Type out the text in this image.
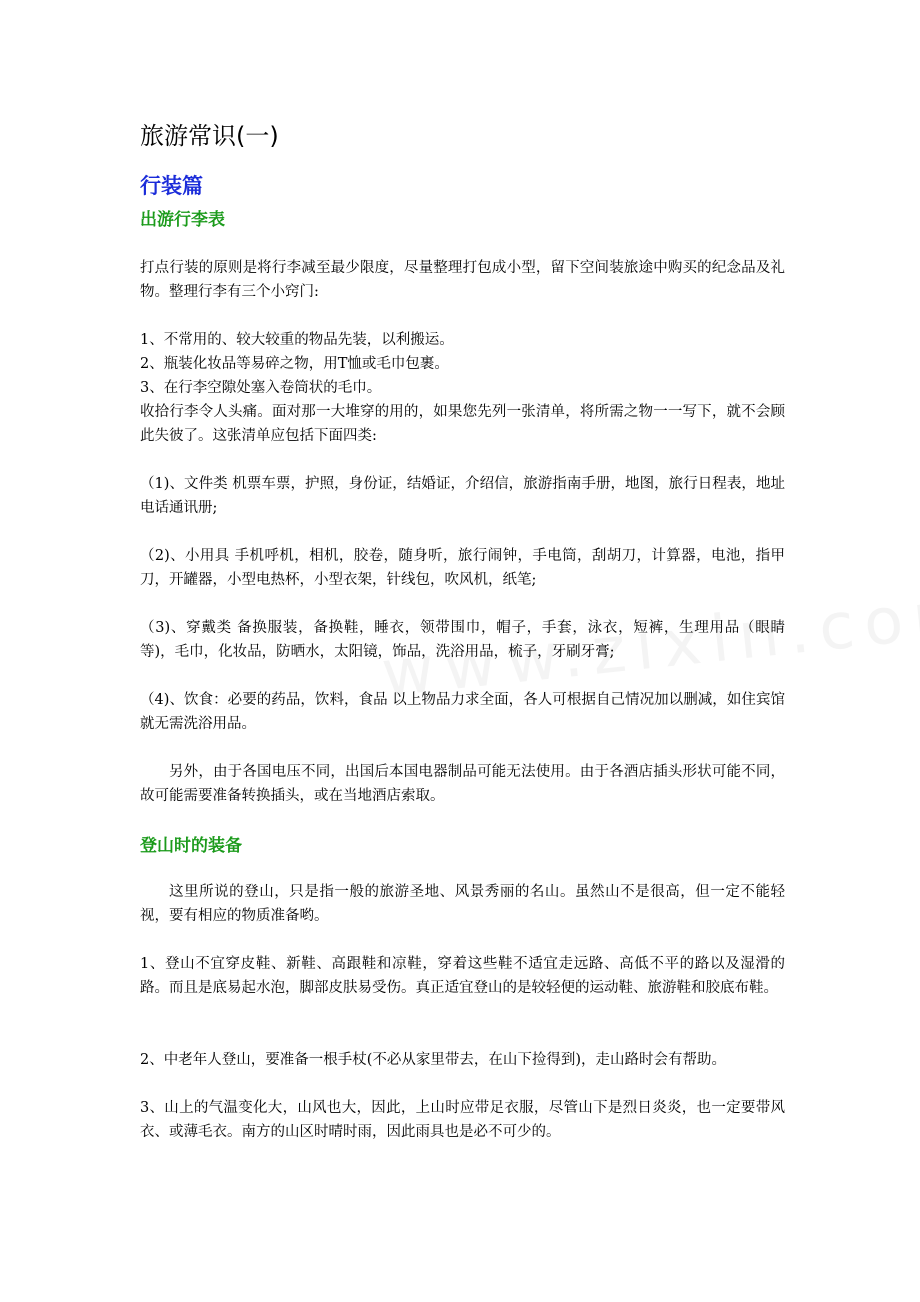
旅游常识(一)
行装篇
出游行李表
打点行装的原则是将行李减至最少限度，尽量整理打包成小型，留下空间装旅途中购买的纪念品及礼物。整理行李有三个小窍门:
1、不常用的、较大较重的物品先装，以利搬运。
2、瓶装化妆品等易碎之物，用T恤或毛巾包裹。
3、在行李空隙处塞入卷筒状的毛巾。
收拾行李令人头痛。面对那一大堆穿的用的，如果您先列一张清单，将所需之物一一写下，就不会顾此失彼了。这张清单应包括下面四类:
（1)、文件类 机票车票，护照，身份证，结婚证，介绍信，旅游指南手册，地图，旅行日程表，地址电话通讯册;
（2)、小用具 手机呼机，相机，胶卷，随身听，旅行闹钟，手电筒，刮胡刀，计算器，电池，指甲刀，开罐器，小型电热杯，小型衣架，针线包，吹风机，纸笔;
（3)、穿戴类 备换服装，备换鞋，睡衣，领带围巾，帽子，手套，泳衣，短裤，生理用品（眼睛等)，毛巾，化妆品，防晒水，太阳镜，饰品，洗浴用品，梳子，牙刷牙膏;
（4)、饮食：必要的药品，饮料，食品 以上物品力求全面，各人可根据自己情况加以删减，如住宾馆就无需洗浴用品。
另外，由于各国电压不同，出国后本国电器制品可能无法使用。由于各酒店插头形状可能不同，故可能需要准备转换插头，或在当地酒店索取。
登山时的装备
这里所说的登山，只是指一般的旅游圣地、风景秀丽的名山。虽然山不是很高，但一定不能轻视，要有相应的物质准备哟。
1、登山不宜穿皮鞋、新鞋、高跟鞋和凉鞋，穿着这些鞋不适宜走远路、高低不平的路以及湿滑的路。而且是底易起水泡，脚部皮肤易受伤。真正适宜登山的是较轻便的运动鞋、旅游鞋和胶底布鞋。
2、中老年人登山，要准备一根手杖(不必从家里带去，在山下捡得到)，走山路时会有帮助。
3、山上的气温变化大，山风也大，因此，上山时应带足衣服，尽管山下是烈日炎炎，也一定要带风衣、或薄毛衣。南方的山区时晴时雨，因此雨具也是必不可少的。
